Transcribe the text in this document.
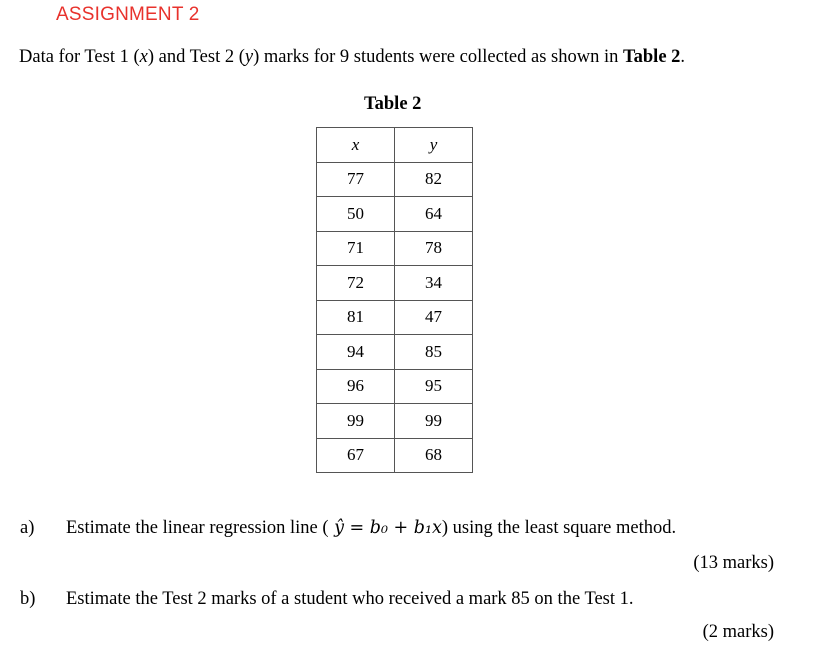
ASSIGNMENT 2
Data for Test 1 (x) and Test 2 (y) marks for 9 students were collected as shown in Table 2.
Table 2
x	y
77	82
50	64
71	78
72	34
81	47
94	85
96	95
99	99
67	68
a) Estimate the linear regression line ( ŷ = b₀ + b₁x) using the least square method.
(13 marks)
b) Estimate the Test 2 marks of a student who received a mark 85 on the Test 1.
(2 marks)
